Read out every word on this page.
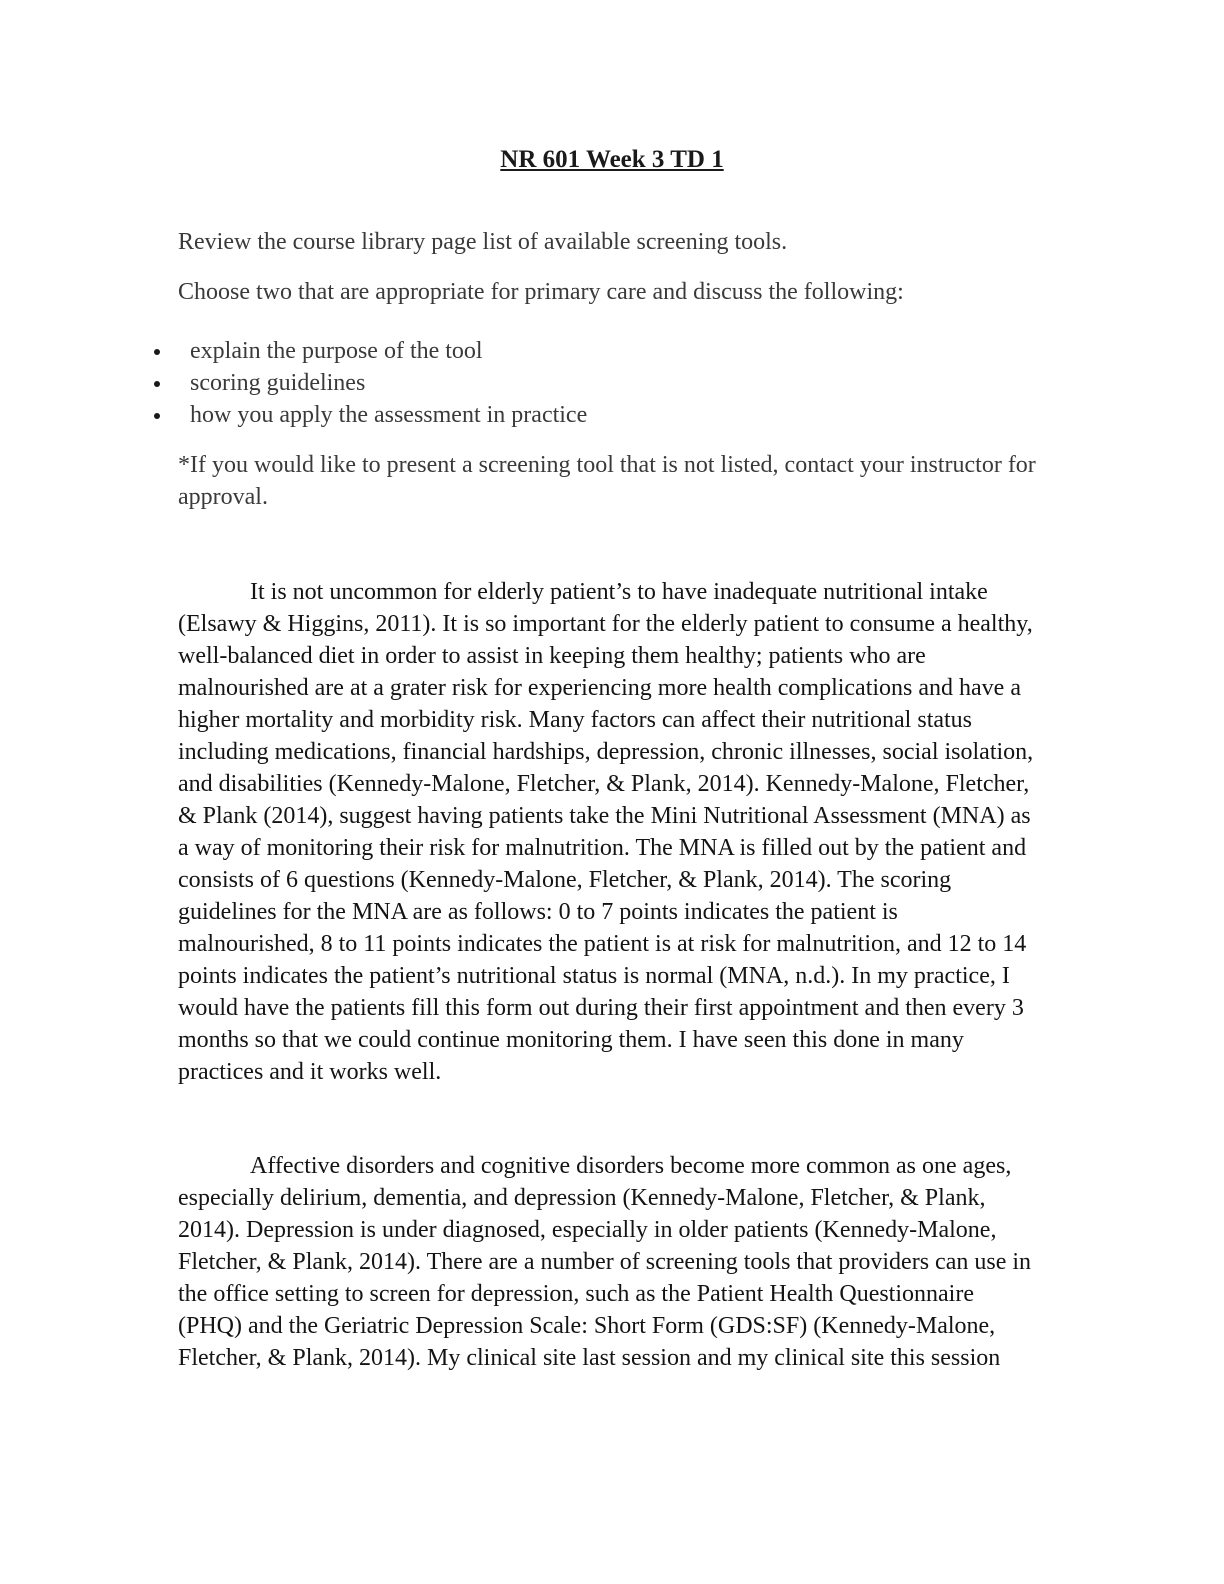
NR 601 Week 3 TD 1

Review the course library page list of available screening tools.

Choose two that are appropriate for primary care and discuss the following:

explain the purpose of the tool
scoring guidelines
how you apply the assessment in practice

*If you would like to present a screening tool that is not listed, contact your instructor for approval.

It is not uncommon for elderly patient’s to have inadequate nutritional intake (Elsawy & Higgins, 2011). It is so important for the elderly patient to consume a healthy, well-balanced diet in order to assist in keeping them healthy; patients who are malnourished are at a grater risk for experiencing more health complications and have a higher mortality and morbidity risk. Many factors can affect their nutritional status including medications, financial hardships, depression, chronic illnesses, social isolation, and disabilities (Kennedy-Malone, Fletcher, & Plank, 2014). Kennedy-Malone, Fletcher, & Plank (2014), suggest having patients take the Mini Nutritional Assessment (MNA) as a way of monitoring their risk for malnutrition. The MNA is filled out by the patient and consists of 6 questions (Kennedy-Malone, Fletcher, & Plank, 2014). The scoring guidelines for the MNA are as follows: 0 to 7 points indicates the patient is malnourished, 8 to 11 points indicates the patient is at risk for malnutrition, and 12 to 14 points indicates the patient’s nutritional status is normal (MNA, n.d.). In my practice, I would have the patients fill this form out during their first appointment and then every 3 months so that we could continue monitoring them. I have seen this done in many practices and it works well.

Affective disorders and cognitive disorders become more common as one ages, especially delirium, dementia, and depression (Kennedy-Malone, Fletcher, & Plank, 2014). Depression is under diagnosed, especially in older patients (Kennedy-Malone, Fletcher, & Plank, 2014). There are a number of screening tools that providers can use in the office setting to screen for depression, such as the Patient Health Questionnaire (PHQ) and the Geriatric Depression Scale: Short Form (GDS:SF) (Kennedy-Malone, Fletcher, & Plank, 2014). My clinical site last session and my clinical site this session
